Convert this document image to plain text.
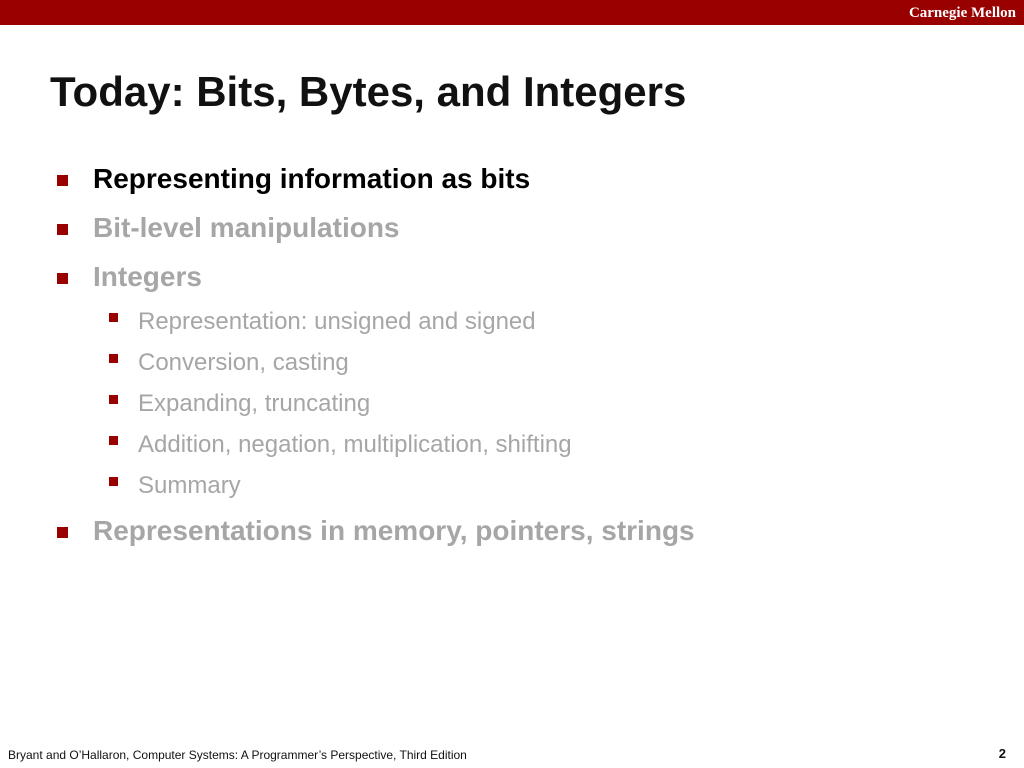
Carnegie Mellon
Today: Bits, Bytes, and Integers
Representing information as bits
Bit-level manipulations
Integers
Representation: unsigned and signed
Conversion, casting
Expanding, truncating
Addition, negation, multiplication, shifting
Summary
Representations in memory, pointers, strings
Bryant and O’Hallaron, Computer Systems: A Programmer’s Perspective, Third Edition	2
